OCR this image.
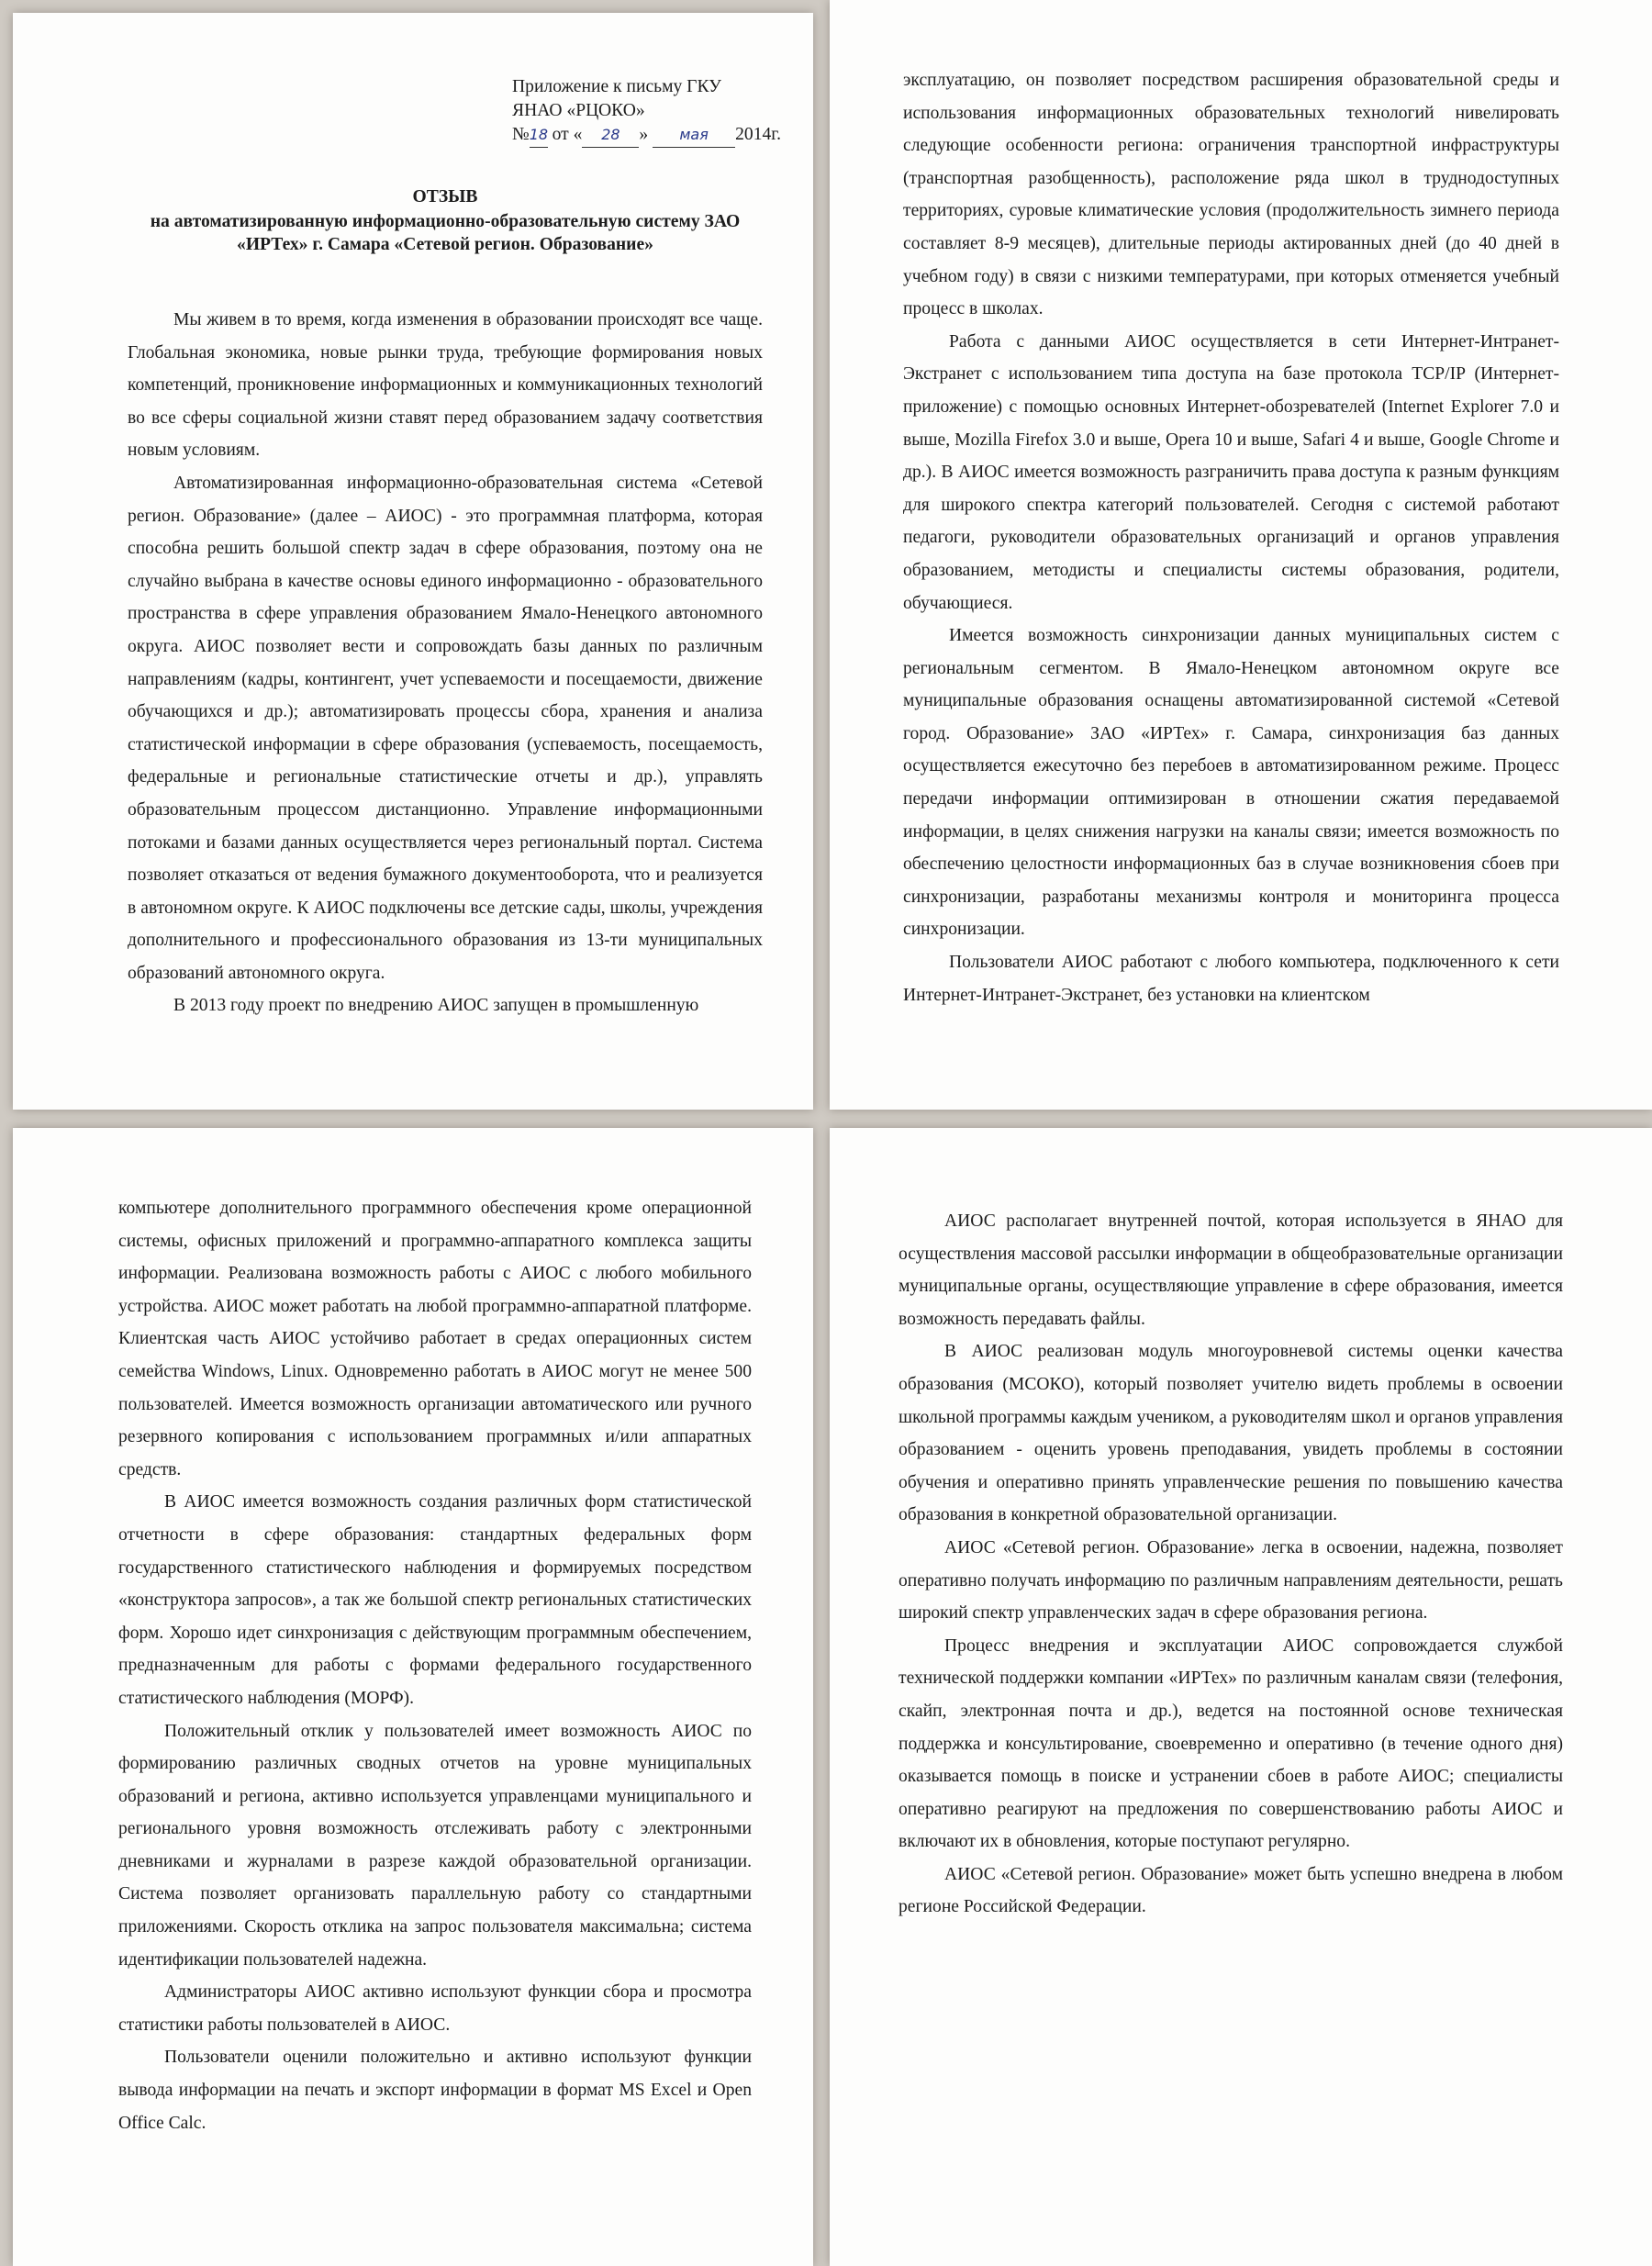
Приложение к письму ГКУ
ЯНАО «РЦОКО»
№18 от « 28 » мая 2014г.
ОТЗЫВ
на автоматизированную информационно-образовательную систему ЗАО «ИРТех» г. Самара «Сетевой регион. Образование»

Мы живем в то время, когда изменения в образовании происходят все чаще. Глобальная экономика, новые рынки труда, требующие формирования новых компетенций, проникновение информационных и коммуникационных технологий во все сферы социальной жизни ставят перед образованием задачу соответствия новым условиям.

Автоматизированная информационно-образовательная система «Сетевой регион. Образование» (далее – АИОС) - это программная платформа, которая способна решить большой спектр задач в сфере образования, поэтому она не случайно выбрана в качестве основы единого информационно - образовательного пространства в сфере управления образованием Ямало-Ненецкого автономного округа. АИОС позволяет вести и сопровождать базы данных по различным направлениям (кадры, контингент, учет успеваемости и посещаемости, движение обучающихся и др.); автоматизировать процессы сбора, хранения и анализа статистической информации в сфере образования (успеваемость, посещаемость, федеральные и региональные статистические отчеты и др.), управлять образовательным процессом дистанционно. Управление информационными потоками и базами данных осуществляется через региональный портал. Система позволяет отказаться от ведения бумажного документооборота, что и реализуется в автономном округе. К АИОС подключены все детские сады, школы, учреждения дополнительного и профессионального образования из 13-ти муниципальных образований автономного округа.

В 2013 году проект по внедрению АИОС запущен в промышленную

эксплуатацию, он позволяет посредством расширения образовательной среды и использования информационных образовательных технологий нивелировать следующие особенности региона: ограничения транспортной инфраструктуры (транспортная разобщенность), расположение ряда школ в труднодоступных территориях, суровые климатические условия (продолжительность зимнего периода составляет 8-9 месяцев), длительные периоды актированных дней (до 40 дней в учебном году) в связи с низкими температурами, при которых отменяется учебный процесс в школах.

Работа с данными АИОС осуществляется в сети Интернет-Интранет-Экстранет с использованием типа доступа на базе протокола TCP/IP (Интернет-приложение) с помощью основных Интернет-обозревателей (Internet Explorer 7.0 и выше, Mozilla Firefox 3.0 и выше, Opera 10 и выше, Safari 4 и выше, Google Chrome и др.). В АИОС имеется возможность разграничить права доступа к разным функциям для широкого спектра категорий пользователей. Сегодня с системой работают педагоги, руководители образовательных организаций и органов управления образованием, методисты и специалисты системы образования, родители, обучающиеся.

Имеется возможность синхронизации данных муниципальных систем с региональным сегментом. В Ямало-Ненецком автономном округе все муниципальные образования оснащены автоматизированной системой «Сетевой город. Образование» ЗАО «ИРТех» г. Самара, синхронизация баз данных осуществляется ежесуточно без перебоев в автоматизированном режиме. Процесс передачи информации оптимизирован в отношении сжатия передаваемой информации, в целях снижения нагрузки на каналы связи; имеется возможность по обеспечению целостности информационных баз в случае возникновения сбоев при синхронизации, разработаны механизмы контроля и мониторинга процесса синхронизации.

Пользователи АИОС работают с любого компьютера, подключенного к сети Интернет-Интранет-Экстранет, без установки на клиентском

компьютере дополнительного программного обеспечения кроме операционной системы, офисных приложений и программно-аппаратного комплекса защиты информации. Реализована возможность работы с АИОС с любого мобильного устройства. АИОС может работать на любой программно-аппаратной платформе. Клиентская часть АИОС устойчиво работает в средах операционных систем семейства Windows, Linux. Одновременно работать в АИОС могут не менее 500 пользователей. Имеется возможность организации автоматического или ручного резервного копирования с использованием программных и/или аппаратных средств.

В АИОС имеется возможность создания различных форм статистической отчетности в сфере образования: стандартных федеральных форм государственного статистического наблюдения и формируемых посредством «конструктора запросов», а так же большой спектр региональных статистических форм. Хорошо идет синхронизация с действующим программным обеспечением, предназначенным для работы с формами федерального государственного статистического наблюдения (МОРФ).

Положительный отклик у пользователей имеет возможность АИОС по формированию различных сводных отчетов на уровне муниципальных образований и региона, активно используется управленцами муниципального и регионального уровня возможность отслеживать работу с электронными дневниками и журналами в разрезе каждой образовательной организации. Система позволяет организовать параллельную работу со стандартными приложениями. Скорость отклика на запрос пользователя максимальна; система идентификации пользователей надежна.

Администраторы АИОС активно используют функции сбора и просмотра статистики работы пользователей в АИОС.

Пользователи оценили положительно и активно используют функции вывода информации на печать и экспорт информации в формат MS Excel и Open Office Calc.

АИОС располагает внутренней почтой, которая используется в ЯНАО для осуществления массовой рассылки информации в общеобразовательные организации муниципальные органы, осуществляющие управление в сфере образования, имеется возможность передавать файлы.

В АИОС реализован модуль многоуровневой системы оценки качества образования (МСОКО), который позволяет учителю видеть проблемы в освоении школьной программы каждым учеником, а руководителям школ и органов управления образованием - оценить уровень преподавания, увидеть проблемы в состоянии обучения и оперативно принять управленческие решения по повышению качества образования в конкретной образовательной организации.

АИОС «Сетевой регион. Образование» легка в освоении, надежна, позволяет оперативно получать информацию по различным направлениям деятельности, решать широкий спектр управленческих задач в сфере образования региона.

Процесс внедрения и эксплуатации АИОС сопровождается службой технической поддержки компании «ИРТех» по различным каналам связи (телефония, скайп, электронная почта и др.), ведется на постоянной основе техническая поддержка и консультирование, своевременно и оперативно (в течение одного дня) оказывается помощь в поиске и устранении сбоев в работе АИОС; специалисты оперативно реагируют на предложения по совершенствованию работы АИОС и включают их в обновления, которые поступают регулярно.

АИОС «Сетевой регион. Образование» может быть успешно внедрена в любом регионе Российской Федерации.
